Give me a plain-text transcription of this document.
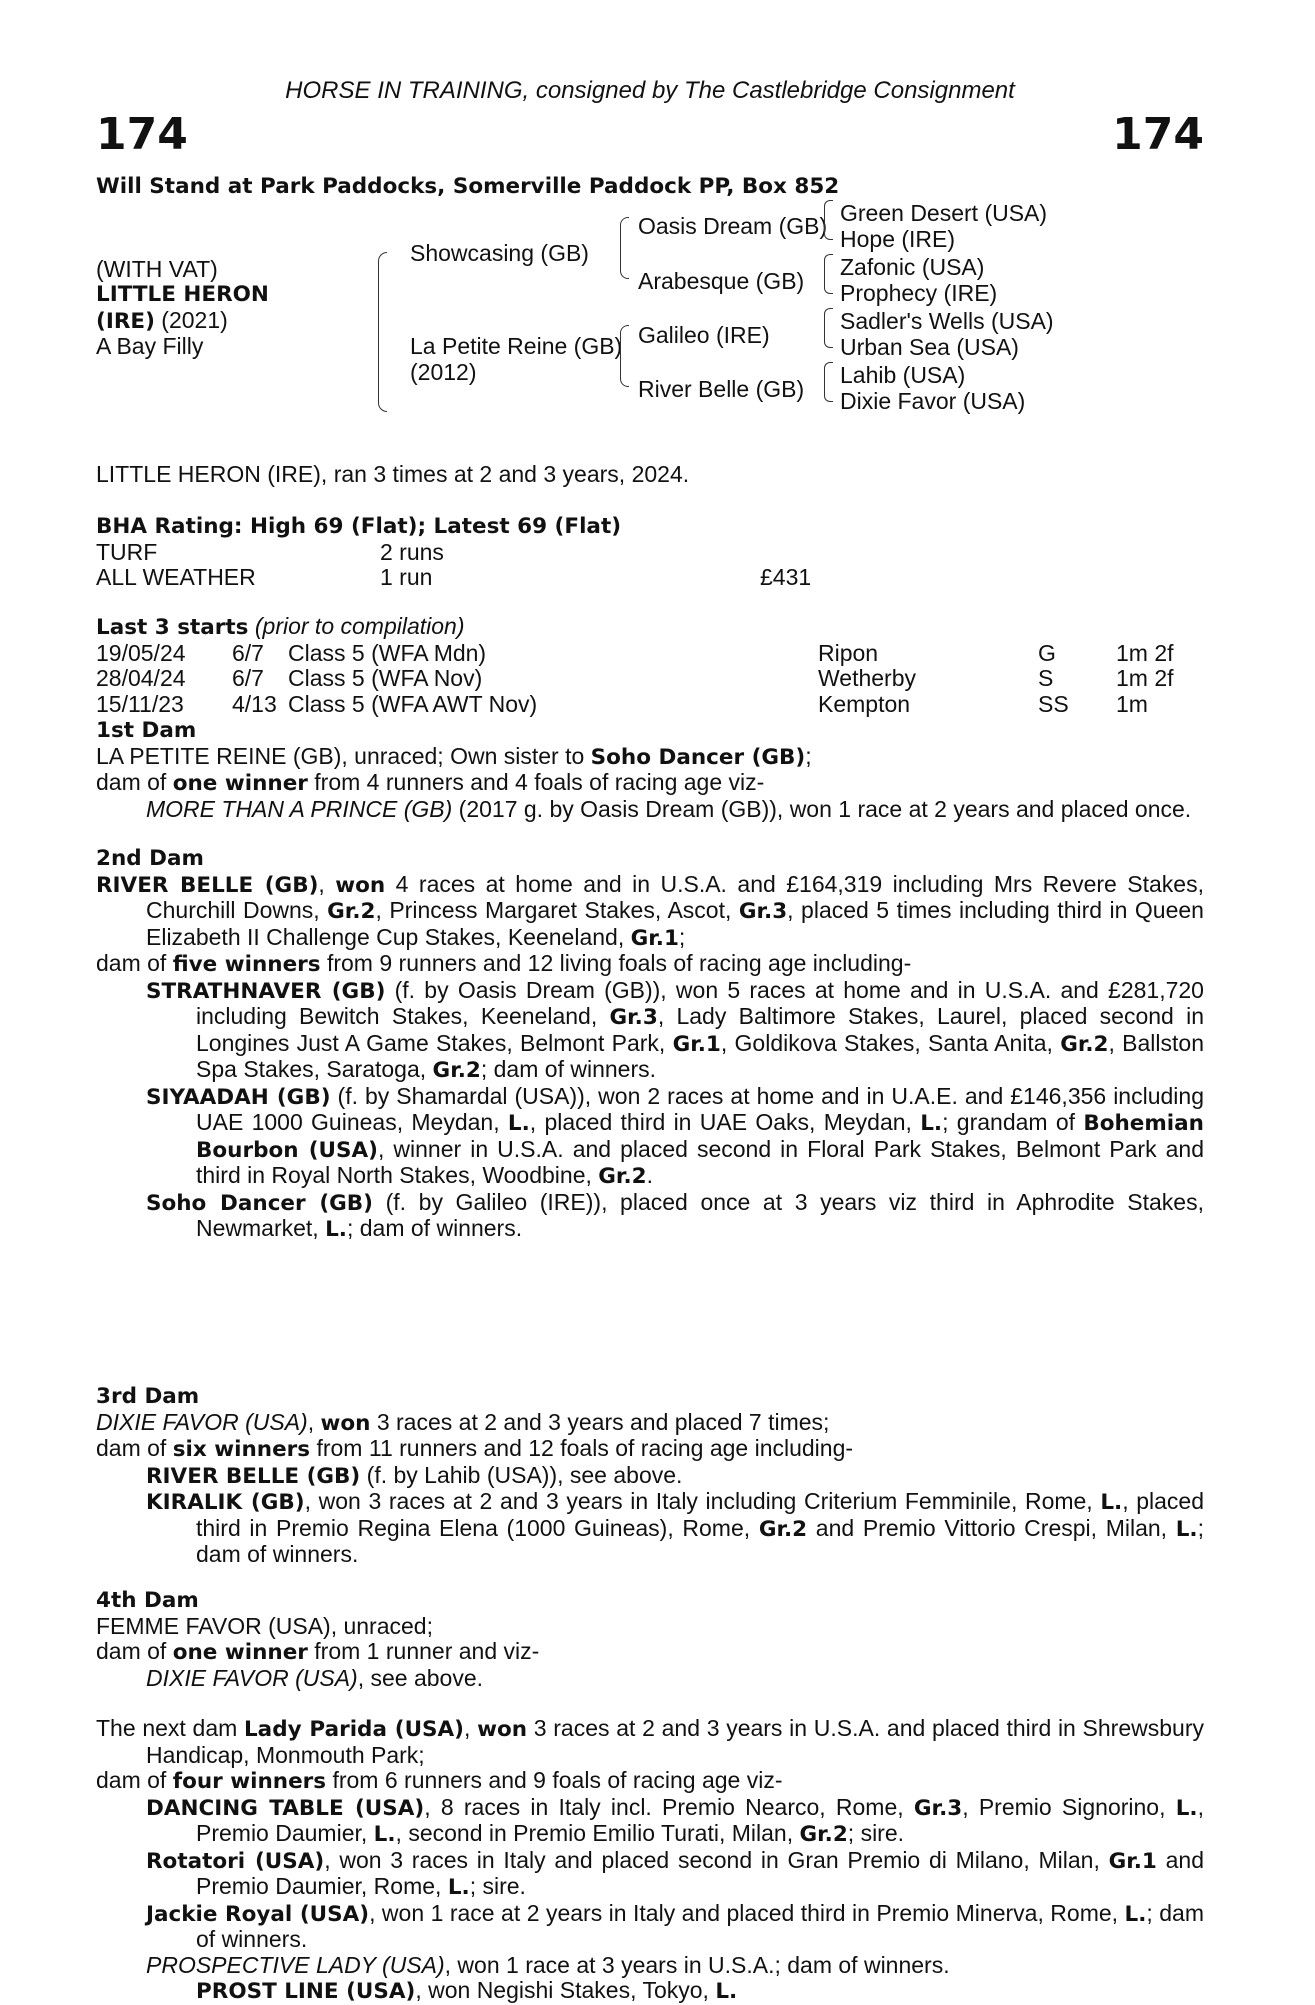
HORSE IN TRAINING, consigned by The Castlebridge Consignment
174	174
Will Stand at Park Paddocks, Somerville Paddock PP, Box 852
(WITH VAT)
LITTLE HERON
(IRE) (2021)
A Bay Filly
Showcasing (GB)
La Petite Reine (GB)
(2012)
Oasis Dream (GB)
Arabesque (GB)
Galileo (IRE)
River Belle (GB)
Green Desert (USA)
Hope (IRE)
Zafonic (USA)
Prophecy (IRE)
Sadler's Wells (USA)
Urban Sea (USA)
Lahib (USA)
Dixie Favor (USA)
LITTLE HERON (IRE), ran 3 times at 2 and 3 years, 2024.
BHA Rating: High 69 (Flat); Latest 69 (Flat)
TURF	2 runs
ALL WEATHER	1 run	£431
Last 3 starts (prior to compilation)
19/05/24 6/7 Class 5 (WFA Mdn)	Ripon	G	1m 2f
28/04/24 6/7 Class 5 (WFA Nov)	Wetherby	S	1m 2f
15/11/23 4/13 Class 5 (WFA AWT Nov)	Kempton	SS 1m
1st Dam

LA PETITE REINE (GB), unraced; Own sister to Soho Dancer (GB);

dam of one winner from 4 runners and 4 foals of racing age viz-

MORE THAN A PRINCE (GB) (2017 g. by Oasis Dream (GB)), won 1 race at 2 years and placed once.

2nd Dam

RIVER BELLE (GB), won 4 races at home and in U.S.A. and £164,319 including Mrs Revere Stakes, Churchill Downs, Gr.2, Princess Margaret Stakes, Ascot, Gr.3, placed 5 times including third in Queen Elizabeth II Challenge Cup Stakes, Keeneland, Gr.1;

dam of five winners from 9 runners and 12 living foals of racing age including-

STRATHNAVER (GB) (f. by Oasis Dream (GB)), won 5 races at home and in U.S.A. and £281,720 including Bewitch Stakes, Keeneland, Gr.3, Lady Baltimore Stakes, Laurel, placed second in Longines Just A Game Stakes, Belmont Park, Gr.1, Goldikova Stakes, Santa Anita, Gr.2, Ballston Spa Stakes, Saratoga, Gr.2; dam of winners.

SIYAADAH (GB) (f. by Shamardal (USA)), won 2 races at home and in U.A.E. and £146,356 including UAE 1000 Guineas, Meydan, L., placed third in UAE Oaks, Meydan, L.; grandam of Bohemian Bourbon (USA), winner in U.S.A. and placed second in Floral Park Stakes, Belmont Park and third in Royal North Stakes, Woodbine, Gr.2.

Soho Dancer (GB) (f. by Galileo (IRE)), placed once at 3 years viz third in Aphrodite Stakes, Newmarket, L.; dam of winners.

3rd Dam

DIXIE FAVOR (USA), won 3 races at 2 and 3 years and placed 7 times;

dam of six winners from 11 runners and 12 foals of racing age including-

RIVER BELLE (GB) (f. by Lahib (USA)), see above.

KIRALIK (GB), won 3 races at 2 and 3 years in Italy including Criterium Femminile, Rome, L., placed third in Premio Regina Elena (1000 Guineas), Rome, Gr.2 and Premio Vittorio Crespi, Milan, L.; dam of winners.

4th Dam

FEMME FAVOR (USA), unraced;

dam of one winner from 1 runner and viz-

DIXIE FAVOR (USA), see above.

The next dam Lady Parida (USA), won 3 races at 2 and 3 years in U.S.A. and placed third in Shrewsbury Handicap, Monmouth Park;

dam of four winners from 6 runners and 9 foals of racing age viz-

DANCING TABLE (USA), 8 races in Italy incl. Premio Nearco, Rome, Gr.3, Premio Signorino, L., Premio Daumier, L., second in Premio Emilio Turati, Milan, Gr.2; sire.

Rotatori (USA), won 3 races in Italy and placed second in Gran Premio di Milano, Milan, Gr.1 and Premio Daumier, Rome, L.; sire.

Jackie Royal (USA), won 1 race at 2 years in Italy and placed third in Premio Minerva, Rome, L.; dam of winners.

PROSPECTIVE LADY (USA), won 1 race at 3 years in U.S.A.; dam of winners.

PROST LINE (USA), won Negishi Stakes, Tokyo, L.
